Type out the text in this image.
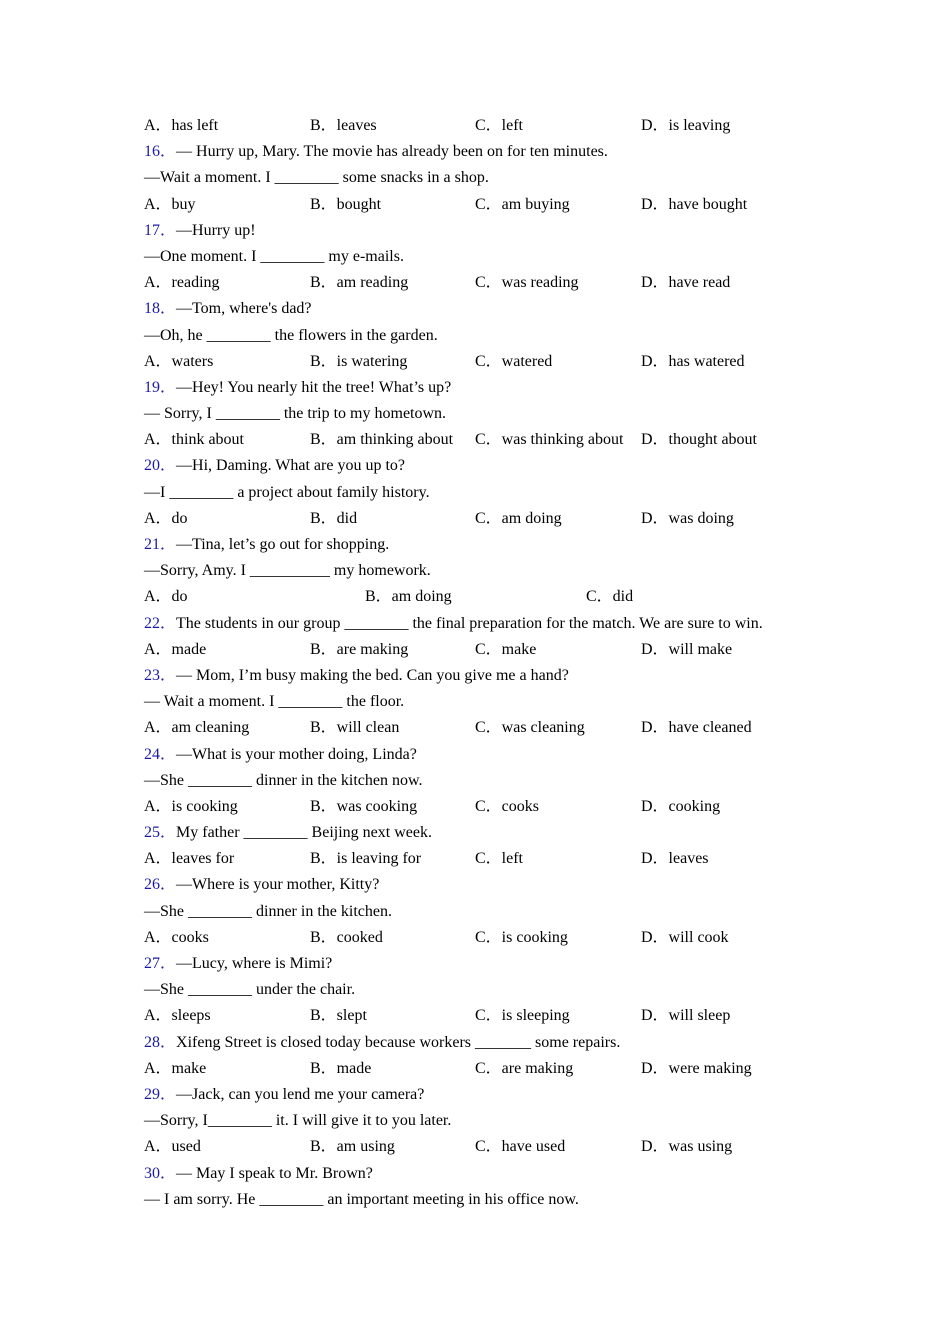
A．has left	B．leaves	C．left	D．is leaving
16．— Hurry up, Mary. The movie has already been on for ten minutes.
—Wait a moment. I ________ some snacks in a shop.
A．buy	B．bought	C．am buying	D．have bought
17．—Hurry up!
—One moment. I ________ my e-mails.
A．reading	B．am reading	C．was reading	D．have read
18．—Tom, where's dad?
—Oh, he ________ the flowers in the garden.
A．waters	B．is watering	C．watered	D．has watered
19．—Hey! You nearly hit the tree! What’s up?
— Sorry, I ________ the trip to my hometown.
A．think about	B．am thinking about C．was thinking about D．thought about
20．—Hi, Daming. What are you up to?
—I ________ a project about family history.
A．do	B．did	C．am doing	D．was doing
21．—Tina, let’s go out for shopping.
—Sorry, Amy. I __________ my homework.
A．do	B．am doing	C．did
22．The students in our group ________ the final preparation for the match. We are sure to win.
A．made	B．are making	C．make	D．will make
23．— Mom, I’m busy making the bed. Can you give me a hand?
— Wait a moment. I ________ the floor.
A．am cleaning	B．will clean	C．was cleaning	D．have cleaned
24．—What is your mother doing, Linda?
—She ________ dinner in the kitchen now.
A．is cooking	B．was cooking	C．cooks	D．cooking
25．My father ________ Beijing next week.
A．leaves for	B．is leaving for	C．left	D．leaves
26．—Where is your mother, Kitty?
—She ________ dinner in the kitchen.
A．cooks	B．cooked	C．is cooking	D．will cook
27．—Lucy, where is Mimi?
—She ________ under the chair.
A．sleeps	B．slept	C．is sleeping	D．will sleep
28．Xifeng Street is closed today because workers _______ some repairs.
A．make	B．made	C．are making	D．were making
29．—Jack, can you lend me your camera?
—Sorry, I________ it. I will give it to you later.
A．used	B．am using	C．have used	D．was using
30．— May I speak to Mr. Brown?
— I am sorry. He ________ an important meeting in his office now.
